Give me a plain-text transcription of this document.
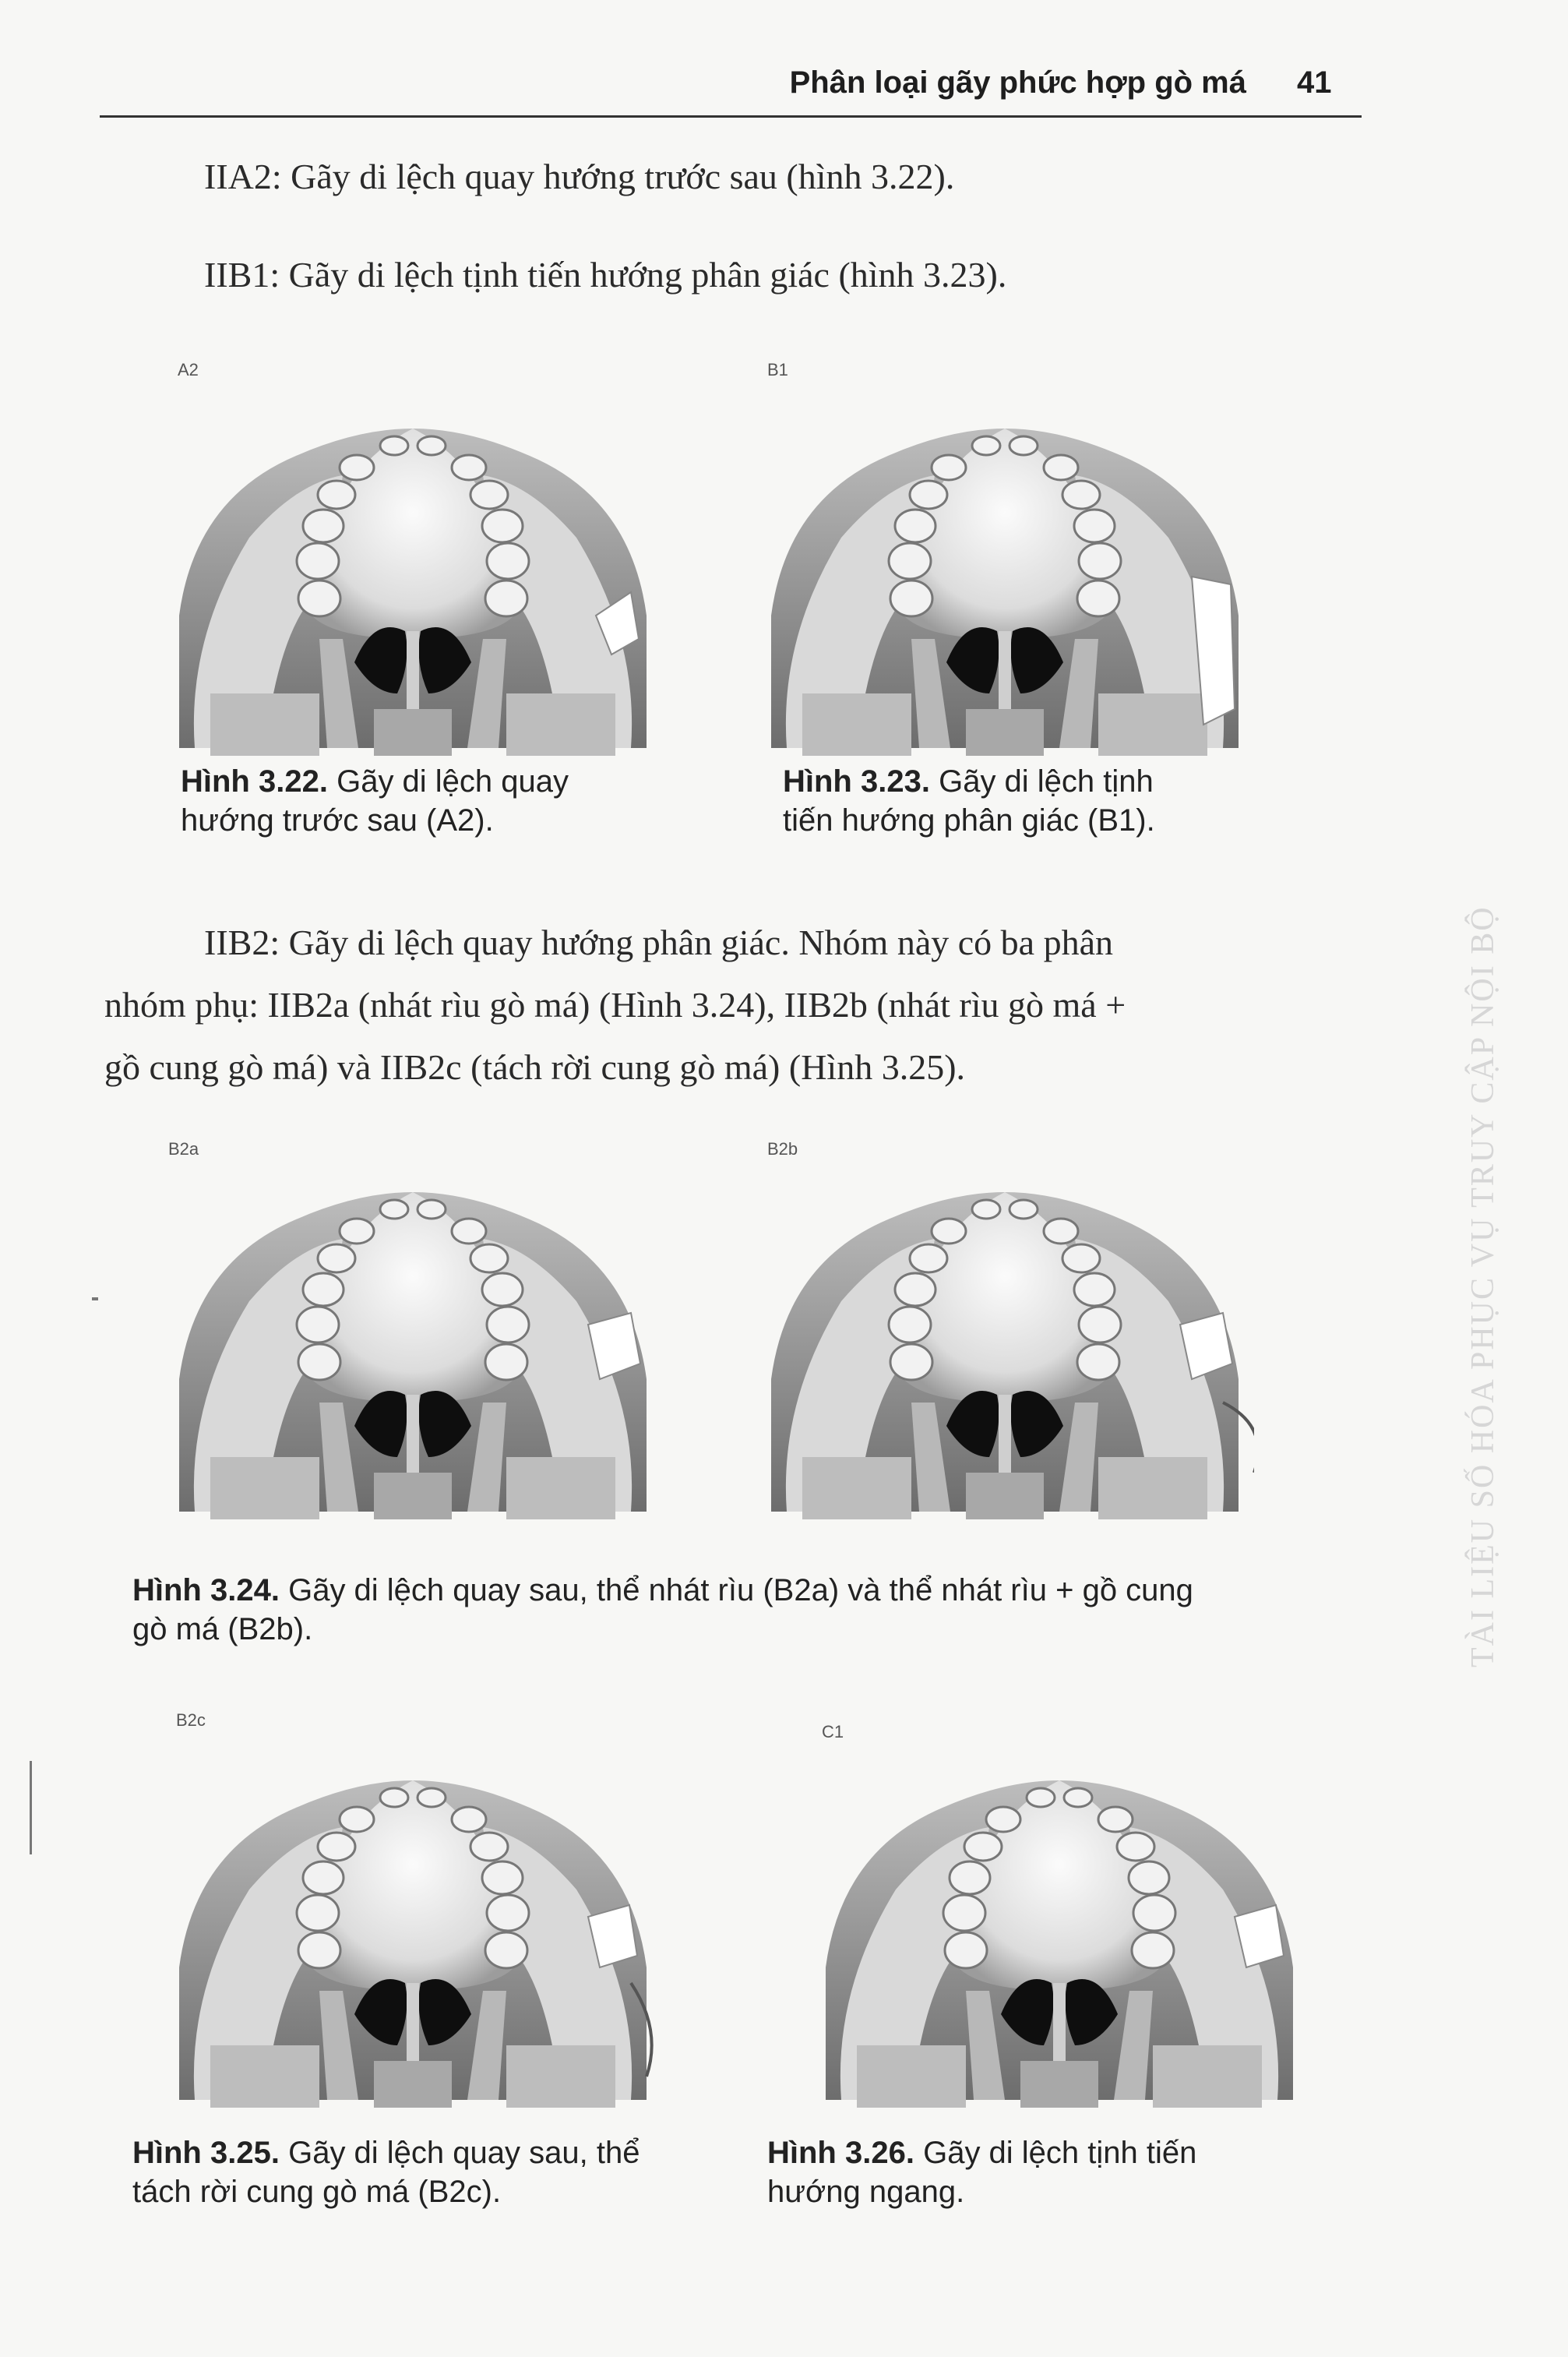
Phân loại gãy phức hợp gò má 41
IIA2: Gãy di lệch quay hướng trước sau (hình 3.22).
IIB1: Gãy di lệch tịnh tiến hướng phân giác (hình 3.23).
A2	B1
Hình 3.22. Gãy di lệch quay
hướng trước sau (A2).
Hình 3.23. Gãy di lệch tịnh
tiến hướng phân giác (B1).
IIB2: Gãy di lệch quay hướng phân giác. Nhóm này có ba phân
nhóm phụ: IIB2a (nhát rìu gò má) (Hình 3.24), IIB2b (nhát rìu gò má +
gồ cung gò má) và IIB2c (tách rời cung gò má) (Hình 3.25).
B2a	B2b
Hình 3.24. Gãy di lệch quay sau, thể nhát rìu (B2a) và thể nhát rìu + gồ cung
gò má (B2b).
B2c
C1
Hình 3.25. Gãy di lệch quay sau, thể
tách rời cung gò má (B2c).
Hình 3.26. Gãy di lệch tịnh tiến
hướng ngang.
TÀI LIỆU SỐ HÓA PHỤC VỤ TRUY CẬP NỘI BỘ
